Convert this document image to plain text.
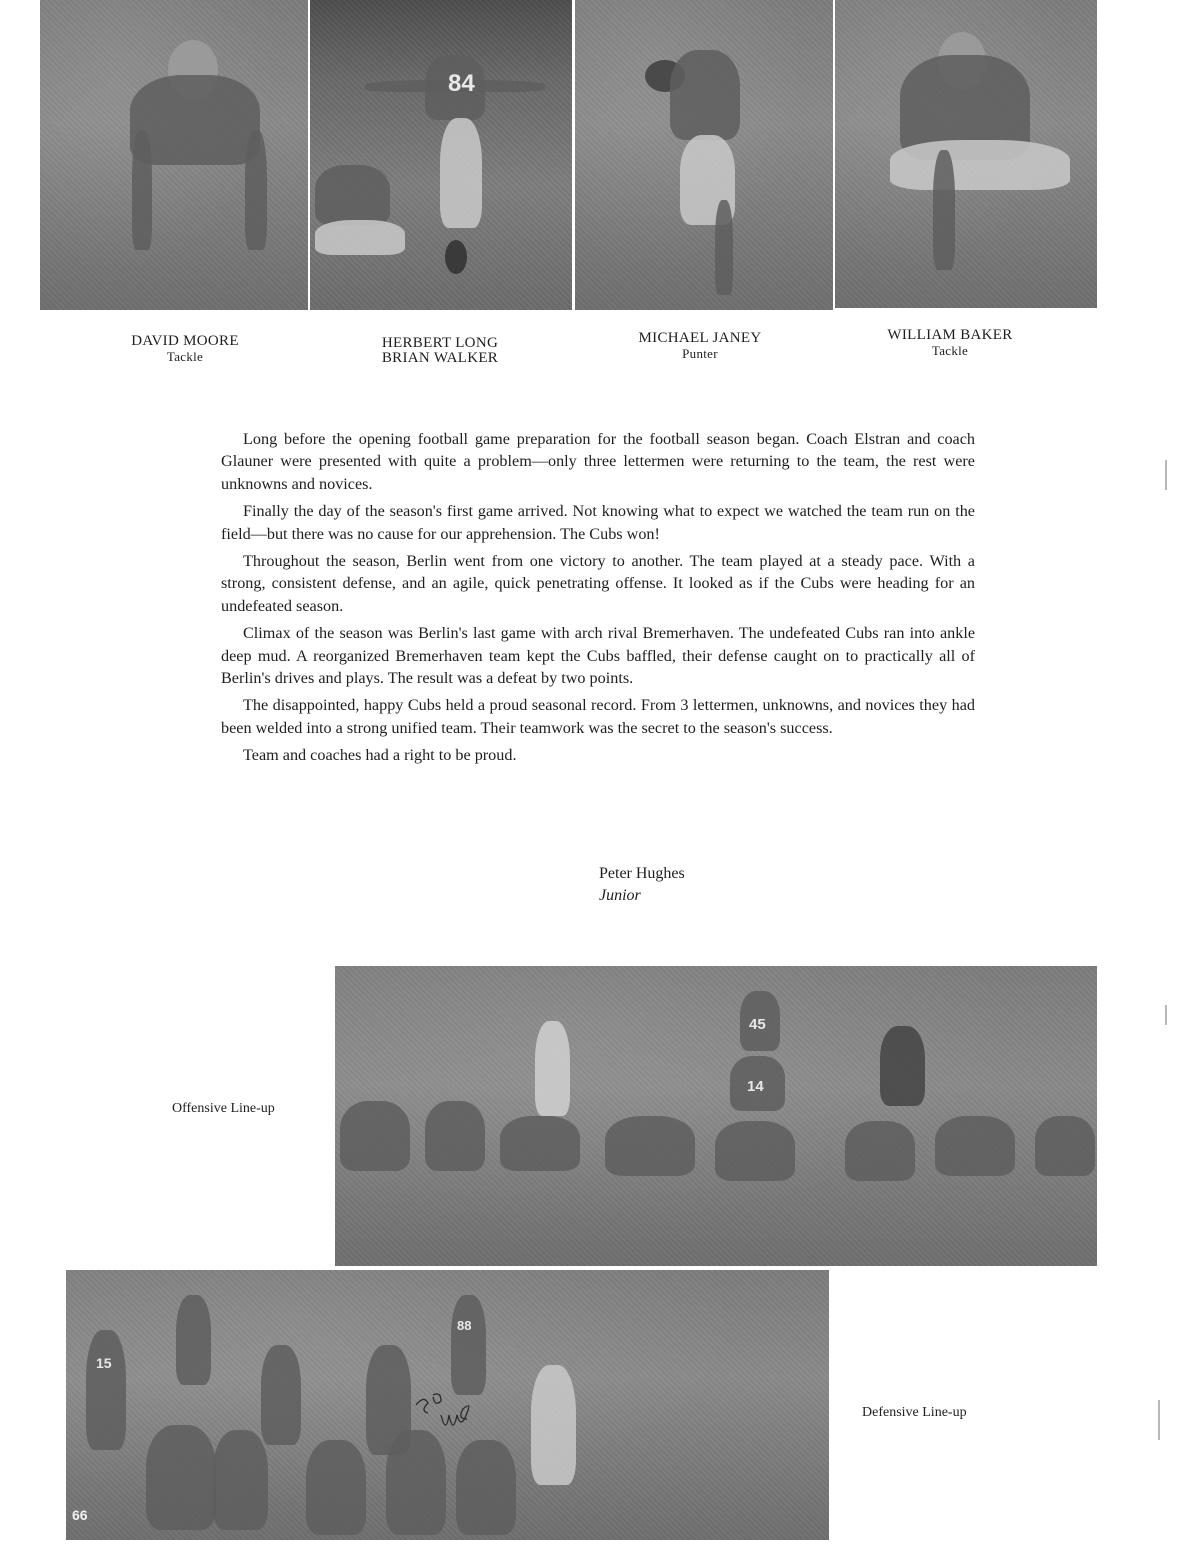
84
DAVID MOORE
Tackle
HERBERT LONG
BRIAN WALKER
MICHAEL JANEY
Punter
WILLIAM BAKER
Tackle

Long before the opening football game preparation for the football season began. Coach Elstran and coach Glauner were presented with quite a problem—only three lettermen were returning to the team, the rest were unknowns and novices.

Finally the day of the season's first game arrived. Not knowing what to expect we watched the team run on the field—but there was no cause for our apprehension. The Cubs won!

Throughout the season, Berlin went from one victory to another. The team played at a steady pace. With a strong, consistent defense, and an agile, quick penetrating offense. It looked as if the Cubs were heading for an undefeated season.

Climax of the season was Berlin's last game with arch rival Bremerhaven. The undefeated Cubs ran into ankle deep mud. A reorganized Bremerhaven team kept the Cubs baffled, their defense caught on to practically all of Berlin's drives and plays. The result was a defeat by two points.

The disappointed, happy Cubs held a proud seasonal record. From 3 lettermen, unknowns, and novices they had been welded into a strong unified team. Their teamwork was the secret to the season's success.

Team and coaches had a right to be proud.

Peter Hughes
Junior
Offensive Line-up
45
14
15
88
66
Defensive Line-up
